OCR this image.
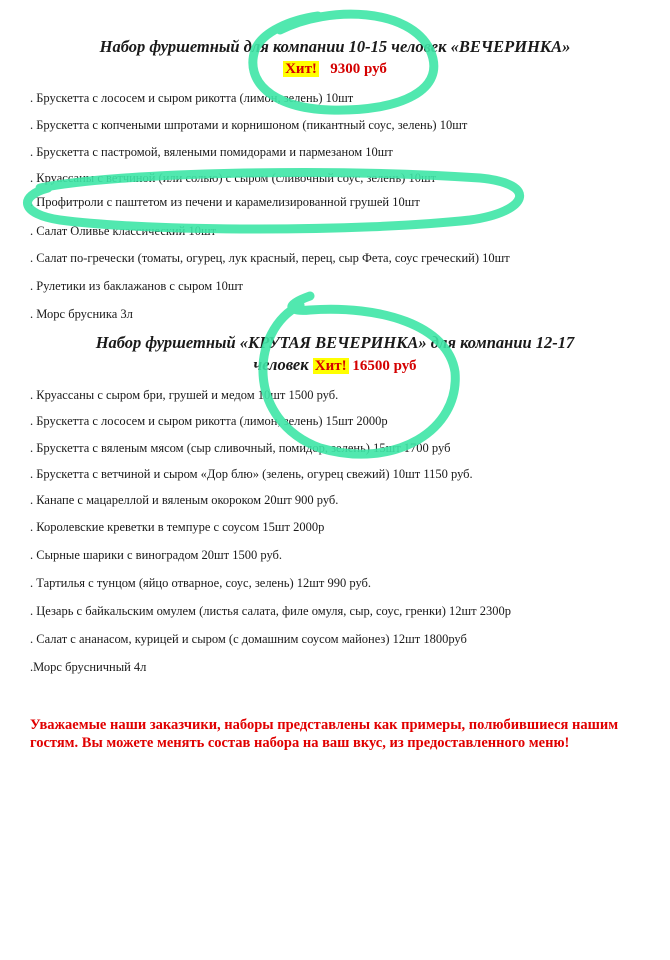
Набор фуршетный для компании 10-15 человек «ВЕЧЕРИНКА»
Хит! 9300 руб

. Брускетта с лососем и сыром рикотта (лимон, зелень) 10шт

. Брускетта с копчеными шпротами и корнишоном (пикантный соус, зелень) 10шт

. Брускетта с пастромой, вялеными помидорами и пармезаном 10шт

. Круассаны с ветчиной (или солью) с сыром (сливочный соус, зелень) 10шт

. Профитроли с паштетом из печени и карамелизированной грушей 10шт

. Салат Оливье классический 10шт

. Салат по-гречески (томаты, огурец, лук красный, перец, сыр Фета, соус греческий) 10шт

. Рулетики из баклажанов с сыром 10шт

. Морс брусника 3л

Набор фуршетный «КРУТАЯ ВЕЧЕРИНКА» для компании 12-17
человек Хит! 16500 руб

. Круассаны с сыром бри, грушей и медом 10шт 1500 руб.

. Брускетта с лососем и сыром рикотта (лимон, зелень) 15шт 2000р

. Брускетта с вяленым мясом (сыр сливочный, помидор, зелень) 15шт 1700 руб

. Брускетта с ветчиной и сыром «Дор блю» (зелень, огурец свежий) 10шт 1150 руб.

. Канапе с мацареллой и вяленым окороком 20шт 900 руб.

. Королевские креветки в темпуре с соусом 15шт 2000р

. Сырные шарики с виноградом 20шт 1500 руб.

. Тартилья с тунцом (яйцо отварное, соус, зелень) 12шт 990 руб.

. Цезарь с байкальским омулем (листья салата, филе омуля, сыр, соус, гренки) 12шт 2300р

. Салат с ананасом, курицей и сыром (с домашним соусом майонез) 12шт 1800руб

.Морс брусничный 4л

Уважаемые наши заказчики, наборы представлены как примеры, полюбившиеся нашим гостям. Вы можете менять состав набора на ваш вкус, из предоставленного меню!
